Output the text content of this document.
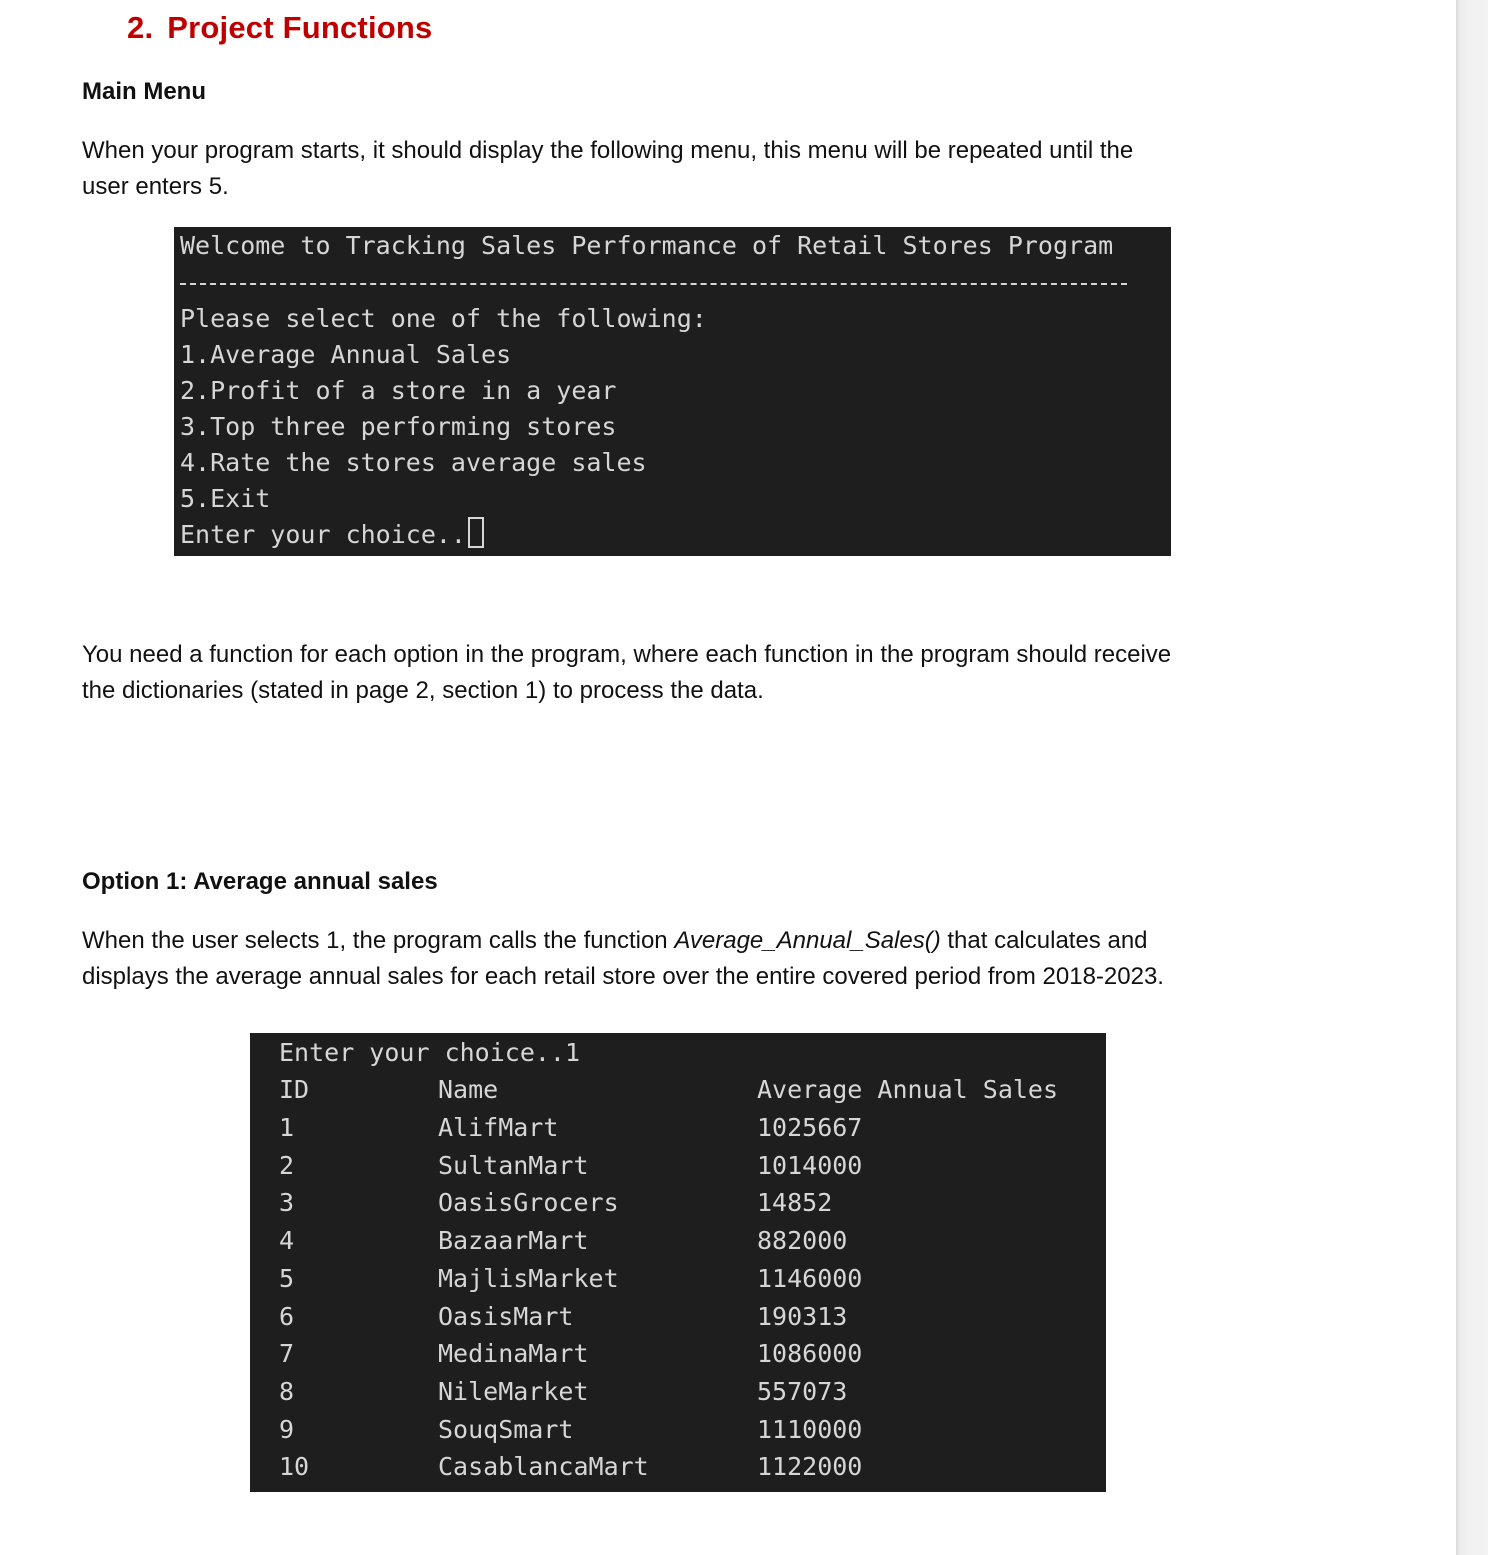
2. Project Functions
Main Menu
When your program starts, it should display the following menu, this menu will be repeated until the
user enters 5.
Welcome to Tracking Sales Performance of Retail Stores Program
Please select one of the following:
1.Average Annual Sales
2.Profit of a store in a year
3.Top three performing stores
4.Rate the stores average sales
5.Exit
Enter your choice..
You need a function for each option in the program, where each function in the program should receive
the dictionaries (stated in page 2, section 1) to process the data.
Option 1: Average annual sales
When the user selects 1, the program calls the function Average_Annual_Sales() that calculates and
displays the average annual sales for each retail store over the entire covered period from 2018-2023.
Enter your choice..1
ID	Name	Average Annual Sales
1	AlifMart	1025667
2	SultanMart	1014000
3	OasisGrocers	14852
4	BazaarMart	882000
5	MajlisMarket	1146000
6	OasisMart	190313
7	MedinaMart	1086000
8	NileMarket	557073
9	SouqSmart	1110000
10	CasablancaMart	1122000
